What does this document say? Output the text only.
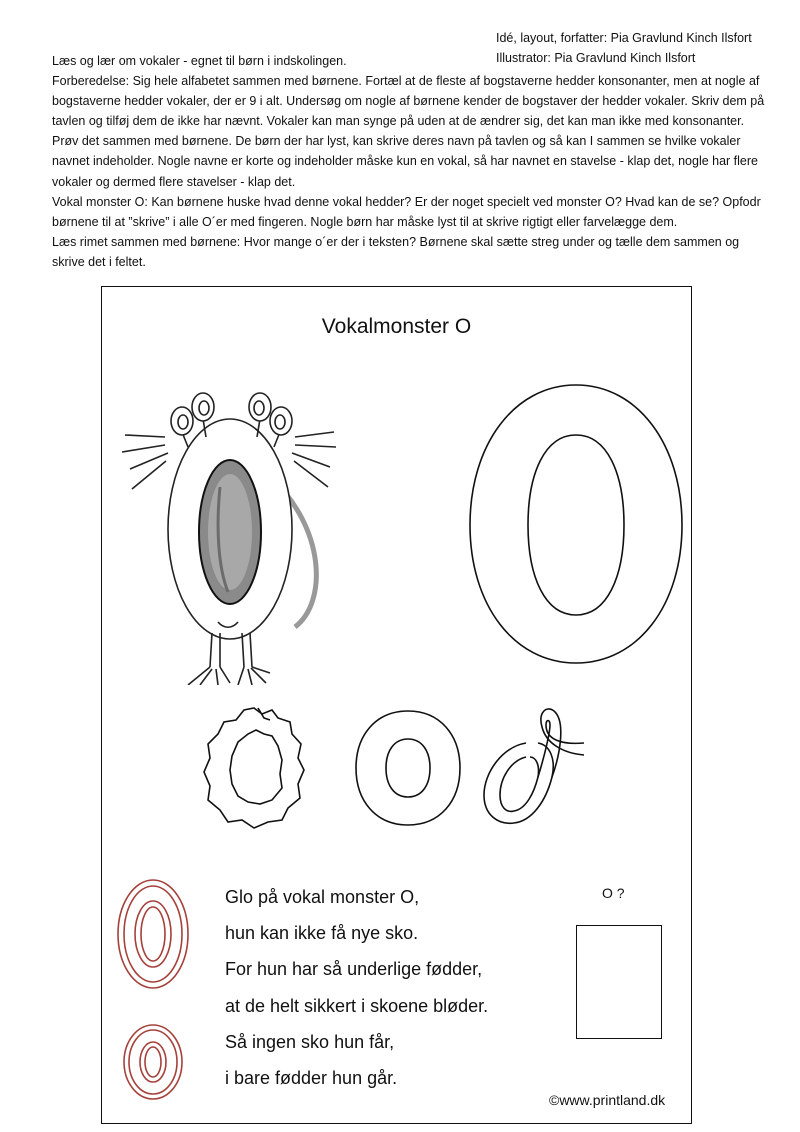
Idé, layout, forfatter: Pia Gravlund Kinch Ilsfort
Illustrator: Pia Gravlund Kinch Ilsfort

Læs og lær om vokaler - egnet til børn i indskolingen.

Forberedelse: Sig hele alfabetet sammen med børnene. Fortæl at de fleste af bogstaverne hedder konsonanter, men at nogle af bogstaverne hedder vokaler, der er 9 i alt. Undersøg om nogle af børnene kender de bogstaver der hedder vokaler. Skriv dem på tavlen og tilføj dem de ikke har nævnt. Vokaler kan man synge på uden at de ændrer sig, det kan man ikke med konsonanter. Prøv det sammen med børnene. De børn der har lyst, kan skrive deres navn på tavlen og så kan I sammen se hvilke vokaler navnet indeholder. Nogle navne er korte og indeholder måske kun en vokal, så har navnet en stavelse - klap det, nogle har flere vokaler og dermed flere stavelser - klap det.

Vokal monster O: Kan børnene huske hvad denne vokal hedder? Er der noget specielt ved monster O? Hvad kan de se? Opfodr børnene til at ”skrive” i alle O´er med fingeren. Nogle børn har måske lyst til at skrive rigtigt eller farvelægge dem.

Læs rimet sammen med børnene: Hvor mange o´er der i teksten? Børnene skal sætte streg under og tælle dem sammen og skrive det i feltet.

Vokalmonster O
Glo på vokal monster O,
hun kan ikke få nye sko.
For hun har så underlige fødder,
at de helt sikkert i skoene bløder.
Så ingen sko hun får,
i bare fødder hun går.
O ?
©www.printland.dk
